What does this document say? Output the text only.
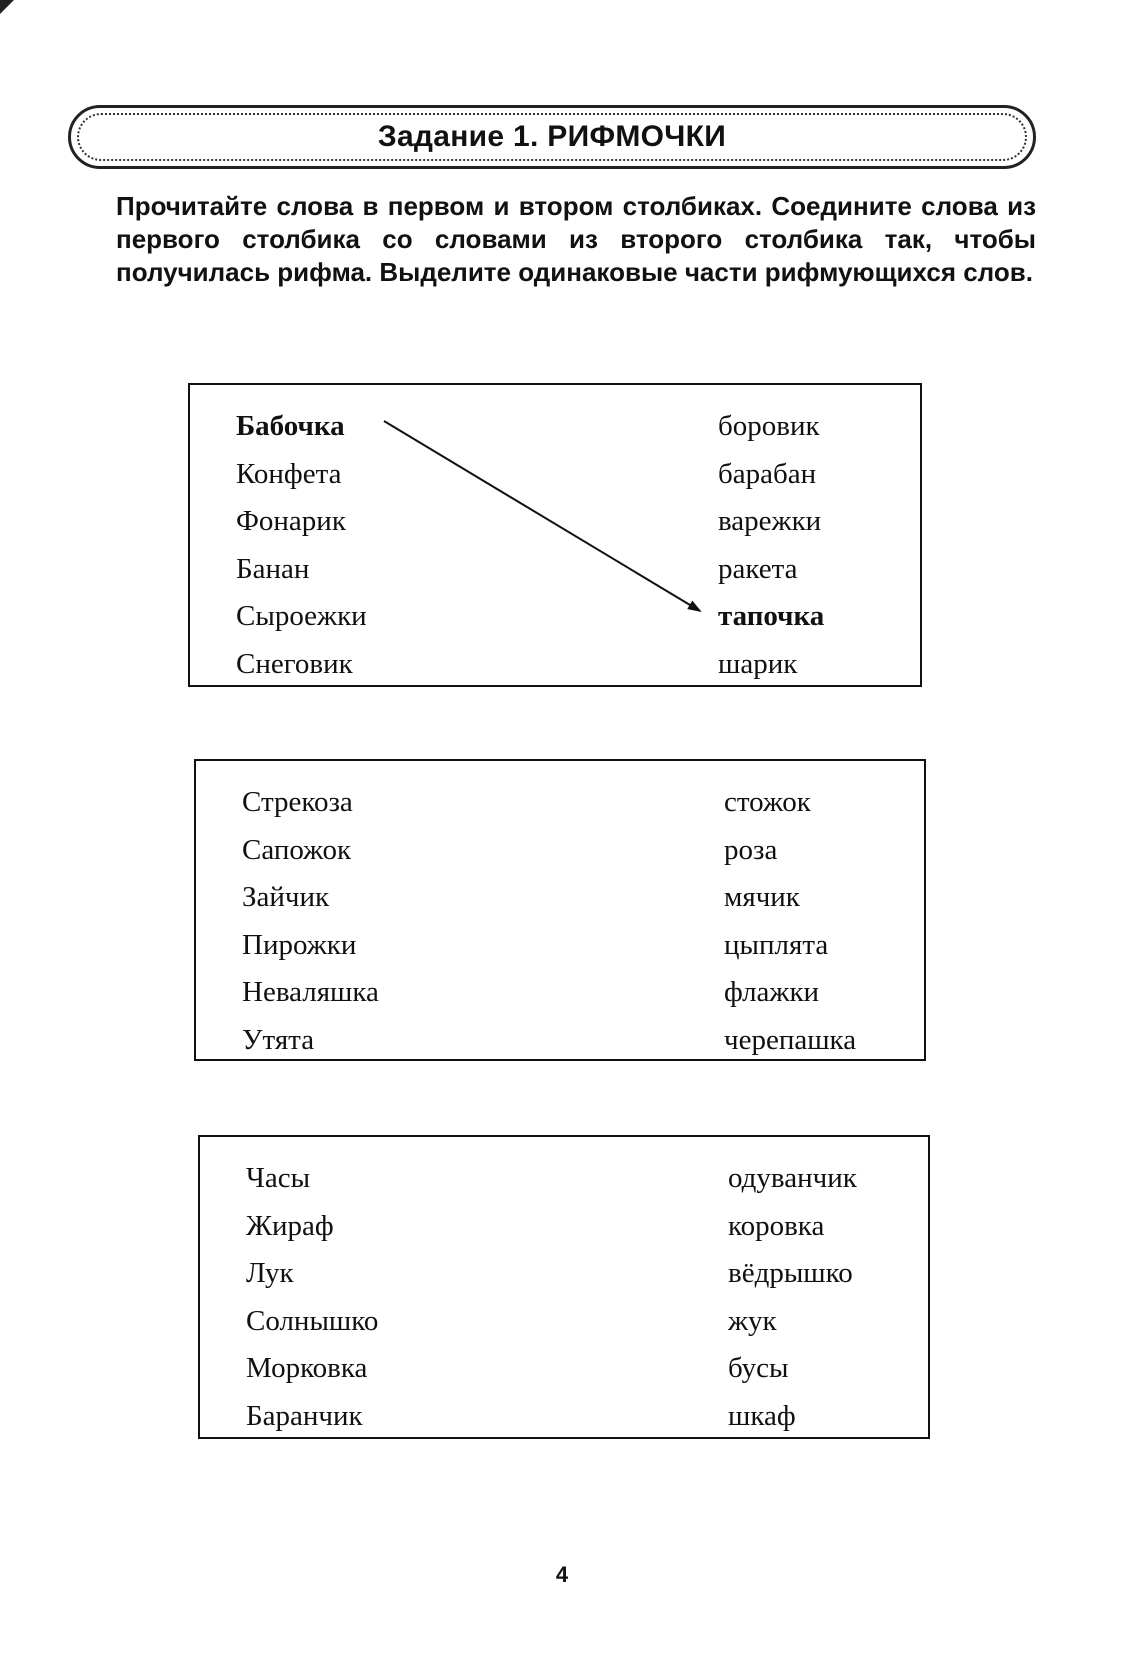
Задание 1. РИФМОЧКИ
Прочитайте слова в первом и втором столбиках. Соедините слова из первого столбика со словами из второго столбика так, чтобы получилась рифма. Выделите одинаковые части рифмующихся слов.
Бабочка
Конфета
Фонарик
Банан
Сыроежки
Снеговик
боровик
барабан
варежки
ракета
тапочка
шарик
Стрекоза
Сапожок
Зайчик
Пирожки
Неваляшка
Утята
стожок
роза
мячик
цыплята
флажки
черепашка
Часы
Жираф
Лук
Солнышко
Морковка
Баранчик
одуванчик
коровка
вёдрышко
жук
бусы
шкаф
4
